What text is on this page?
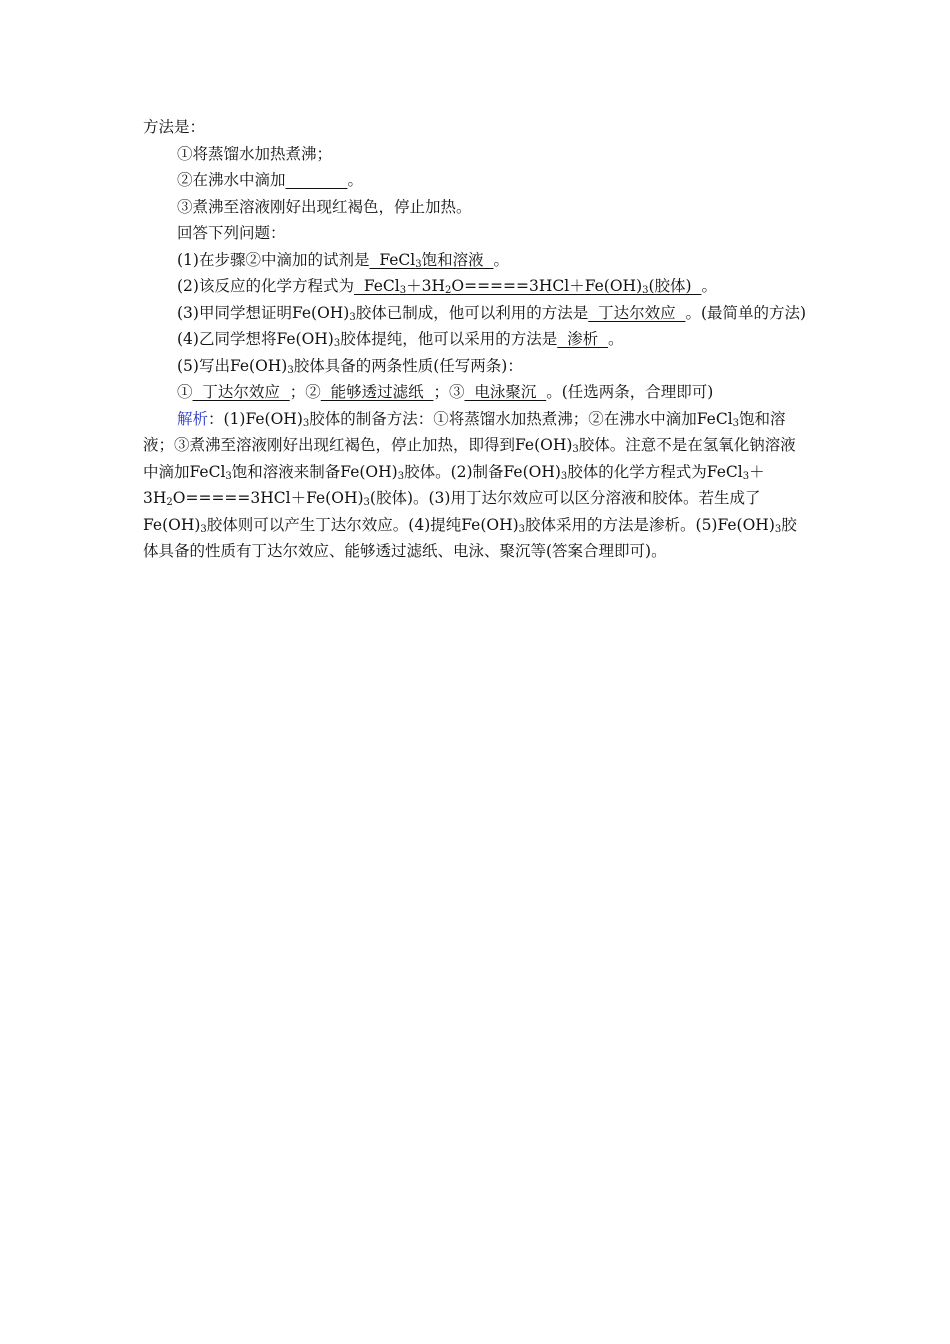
方法是：
①将蒸馏水加热煮沸；
②在沸水中滴加________。
③煮沸至溶液刚好出现红褐色，停止加热。
回答下列问题：
(1)在步骤②中滴加的试剂是  FeCl$_3$饱和溶液  。
(2)该反应的化学方程式为  $FeCl_3+3H_2O=====3HCl+Fe(OH)_3$(胶体)  。
(3)甲同学想证明$Fe(OH)_3$胶体已制成，他可以利用的方法是  丁达尔效应  。(最简单的方法)
(4)乙同学想将$Fe(OH)_3$胶体提纯，他可以采用的方法是  渗析  。
(5)写出$Fe(OH)_3$胶体具备的两条性质(任写两条)：
①  丁达尔效应  ；②  能够透过滤纸  ；③  电泳聚沉  。(任选两条，合理即可)
解析：$(1)Fe(OH)_3$胶体的制备方法：①将蒸馏水加热煮沸；②在沸水中滴加FeCl$_3$饱和溶液；③煮沸至溶液刚好出现红褐色，停止加热，即得到$Fe(OH)_3$胶体。注意不是在氢氧化钠溶液中滴加FeCl$_3$饱和溶液来制备$Fe(OH)_3$胶体。(2)制备$Fe(OH)_3$胶体的化学方程式为$FeCl_3+3H_2O=====3HCl+Fe(OH)_3$(胶体)。(3)用丁达尔效应可以区分溶液和胶体。若生成了$Fe(OH)_3$胶体则可以产生丁达尔效应。(4)提纯$Fe(OH)_3$胶体采用的方法是渗析。$(5)Fe(OH)_3$胶体具备的性质有丁达尔效应、能够透过滤纸、电泳、聚沉等(答案合理即可)。
